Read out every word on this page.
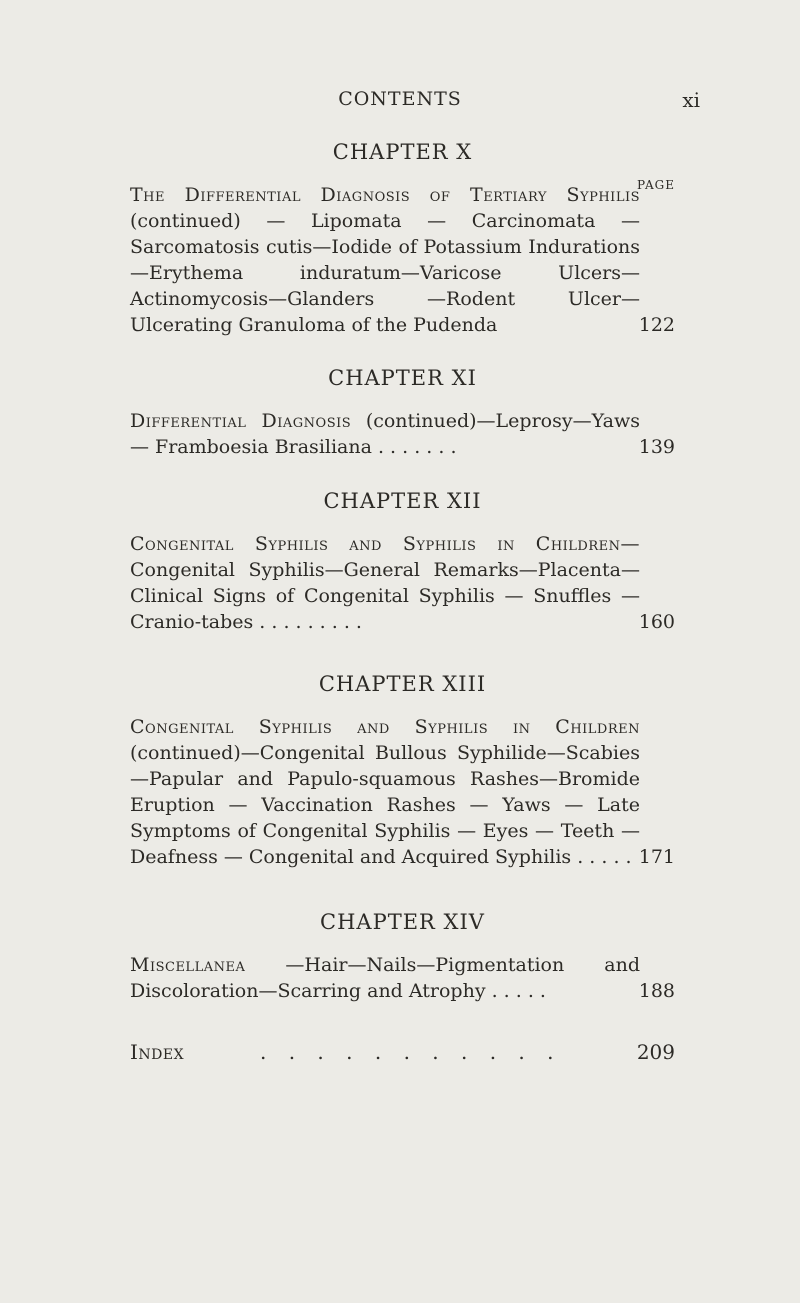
CONTENTS	xi
CHAPTER X
PAGE
The Differential Diagnosis of Tertiary Syphilis (continued) — Lipomata — Carcinomata — Sarcomatosis cutis—Iodide of Potassium Indurations—Erythema induratum—Varicose Ulcers—Actinomycosis—Glanders —Rodent Ulcer—Ulcerating Granuloma of the Pudenda	122
CHAPTER XI
Differential Diagnosis (continued)—Leprosy—Yaws— Framboesia Brasiliana . . . . . . .	139
CHAPTER XII
Congenital Syphilis and Syphilis in Children— Congenital Syphilis—General Remarks—Placenta— Clinical Signs of Congenital Syphilis — Snuffles — Cranio-tabes . . . . . . . . .	160
CHAPTER XIII
Congenital Syphilis and Syphilis in Children (continued)—Congenital Bullous Syphilide—Scabies—Papular and Papulo-squamous Rashes—Bromide Eruption — Vaccination Rashes — Yaws — Late Symptoms of Congenital Syphilis — Eyes — Teeth — Deafness — Congenital and Acquired Syphilis . . . . . 171
CHAPTER XIV
Miscellanea —Hair—Nails—Pigmentation and Discoloration—Scarring and Atrophy . . . . .	188
Index	. . . . . . . . . . .	209
